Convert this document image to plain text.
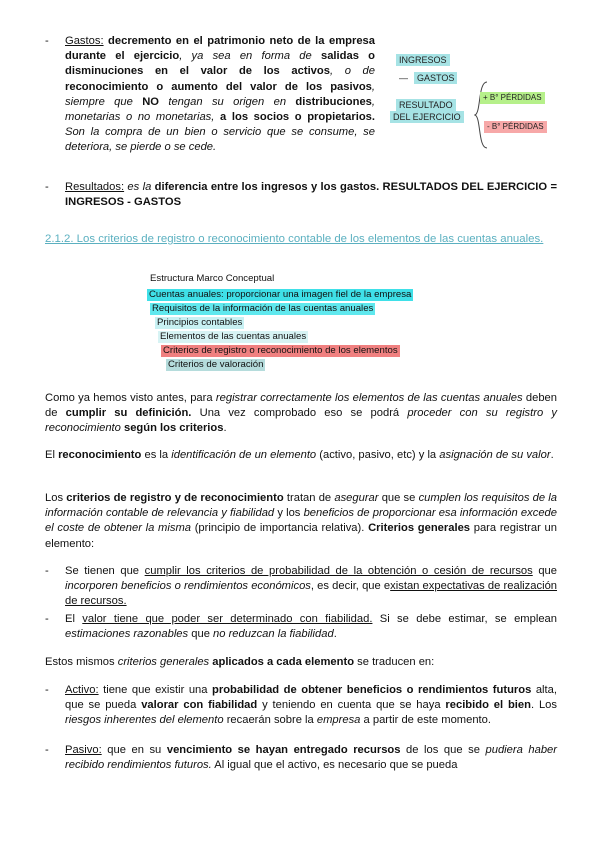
- Gastos: decremento en el patrimonio neto de la empresa durante el ejercicio, ya sea en forma de salidas o disminuciones en el valor de los activos, o de reconocimiento o aumento del valor de los pasivos, siempre que NO tengan su origen en distribuciones, monetarias o no monetarias, a los socios o propietarios. Son la compra de un bien o servicio que se consume, se deteriora, se pierde o se cede.
INGRESOS
—	GASTOS
RESULTADO
DEL EJERCICIO
+ B° PÉRDIDAS
- B° PÉRDIDAS
- Resultados: es la diferencia entre los ingresos y los gastos. RESULTADOS DEL EJERCICIO = INGRESOS - GASTOS
2.1.2. Los criterios de registro o reconocimiento contable de los elementos de las cuentas anuales.
Estructura Marco Conceptual
Cuentas anuales: proporcionar una imagen fiel de la empresa
Requisitos de la información de las cuentas anuales
Principios contables
Elementos de las cuentas anuales
Criterios de registro o reconocimiento de los elementos
Criterios de valoración
Como ya hemos visto antes, para registrar correctamente los elementos de las cuentas anuales deben de cumplir su definición. Una vez comprobado eso se podrá proceder con su registro y reconocimiento según los criterios.
El reconocimiento es la identificación de un elemento (activo, pasivo, etc) y la asignación de su valor.
Los criterios de registro y de reconocimiento tratan de asegurar que se cumplen los requisitos de la información contable de relevancia y fiabilidad y los beneficios de proporcionar esa información excede el coste de obtener la misma (principio de importancia relativa). Criterios generales para registrar un elemento:
- Se tienen que cumplir los criterios de probabilidad de la obtención o cesión de recursos que incorporen beneficios o rendimientos económicos, es decir, que existan expectativas de realización de recursos.
- El valor tiene que poder ser determinado con fiabilidad. Si se debe estimar, se emplean estimaciones razonables que no reduzcan la fiabilidad.
Estos mismos criterios generales aplicados a cada elemento se traducen en:
- Activo: tiene que existir una probabilidad de obtener beneficios o rendimientos futuros alta, que se pueda valorar con fiabilidad y teniendo en cuenta que se haya recibido el bien. Los riesgos inherentes del elemento recaerán sobre la empresa a partir de este momento.
- Pasivo: que en su vencimiento se hayan entregado recursos de los que se pudiera haber recibido rendimientos futuros. Al igual que el activo, es necesario que se pueda
